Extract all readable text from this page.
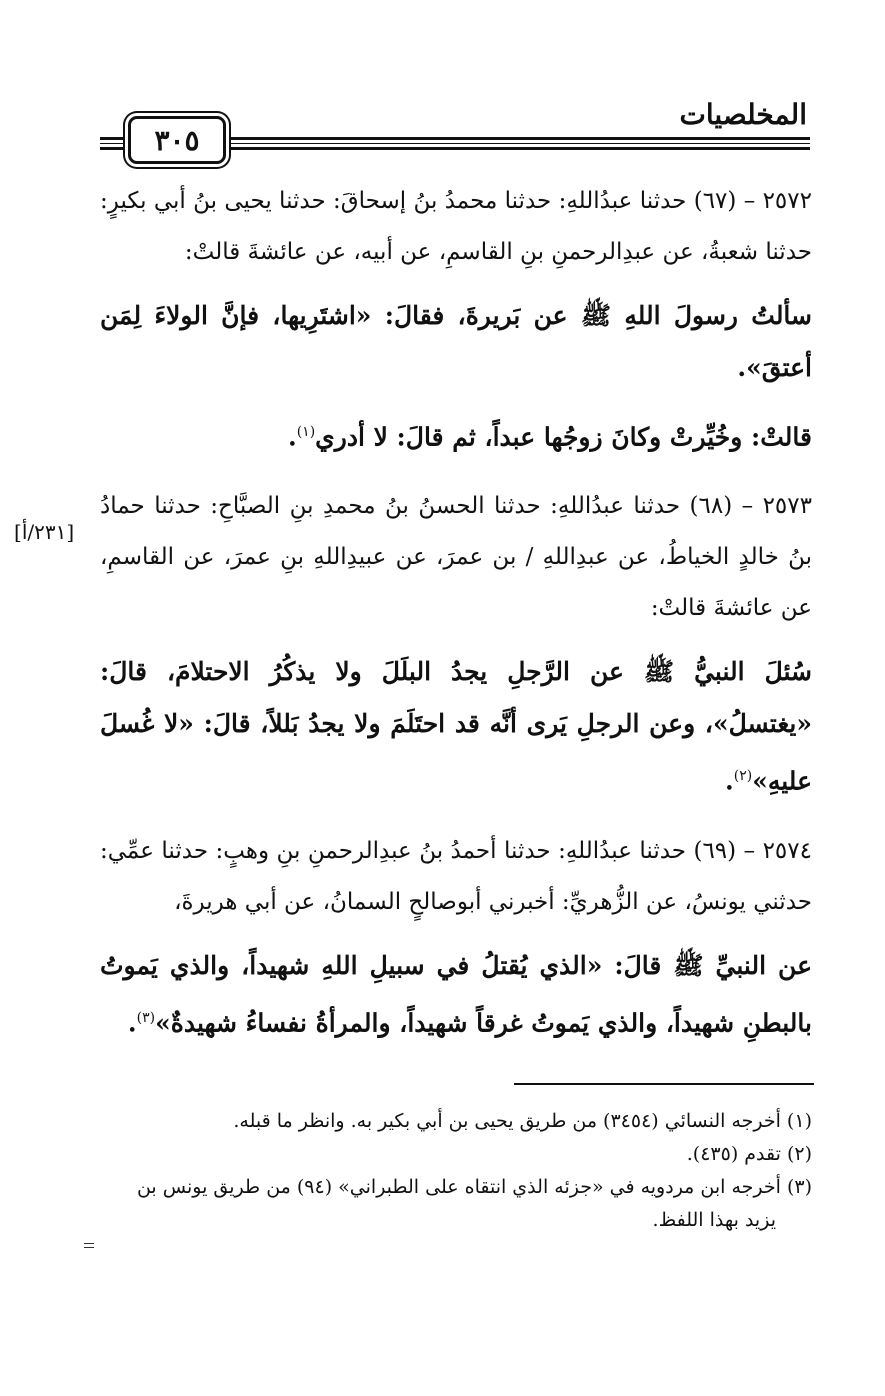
المخلصيات
٣٠٥
[٢٣١/أ]

٢٥٧٢ – (٦٧) حدثنا عبدُاللهِ: حدثنا محمدُ بنُ إسحاقَ: حدثنا يحيى بنُ أبي بكيرٍ: حدثنا شعبةُ، عن عبدِالرحمنِ بنِ القاسمِ، عن أبيه، عن عائشةَ قالتْ:

سألتُ رسولَ اللهِ ﷺ عن بَريرةَ، فقالَ: «اشتَرِيها، فإنَّ الولاءَ لِمَن أعتقَ».

قالتْ: وخُيِّرتْ وكانَ زوجُها عبداً، ثم قالَ: لا أدري$^{(١)}$.

٢٥٧٣ – (٦٨) حدثنا عبدُاللهِ: حدثنا الحسنُ بنُ محمدِ بنِ الصبَّاحِ: حدثنا حمادُ بنُ خالدٍ الخياطُ، عن عبدِاللهِ / بن عمرَ، عن عبيدِاللهِ بنِ عمرَ، عن القاسمِ، عن عائشةَ قالتْ:

سُئلَ النبيُّ ﷺ عن الرَّجلِ يجدُ البلَلَ ولا يذكُرُ الاحتلامَ، قالَ: «يغتسلُ»، وعن الرجلِ يَرى أنَّه قد احتَلَمَ ولا يجدُ بَللاً، قالَ: «لا غُسلَ عليهِ»$^{(٢)}$.

٢٥٧٤ – (٦٩) حدثنا عبدُاللهِ: حدثنا أحمدُ بنُ عبدِالرحمنِ بنِ وهبٍ: حدثنا عمِّي: حدثني يونسُ، عن الزُّهريِّ: أخبرني أبوصالحٍ السمانُ، عن أبي هريرةَ،

عن النبيِّ ﷺ قالَ: «الذي يُقتلُ في سبيلِ اللهِ شهيداً، والذي يَموتُ بالبطنِ شهيداً، والذي يَموتُ غرقاً شهيداً، والمرأةُ نفساءُ شهيدةٌ»$^{(٣)}$.

(١) أخرجه النسائي (٣٤٥٤) من طريق يحيى بن أبي بكير به. وانظر ما قبله.

(٢) تقدم (٤٣٥).

(٣) أخرجه ابن مردويه في «جزئه الذي انتقاه على الطبراني» (٩٤) من طريق يونس بن

يزيد بهذا اللفظ.
